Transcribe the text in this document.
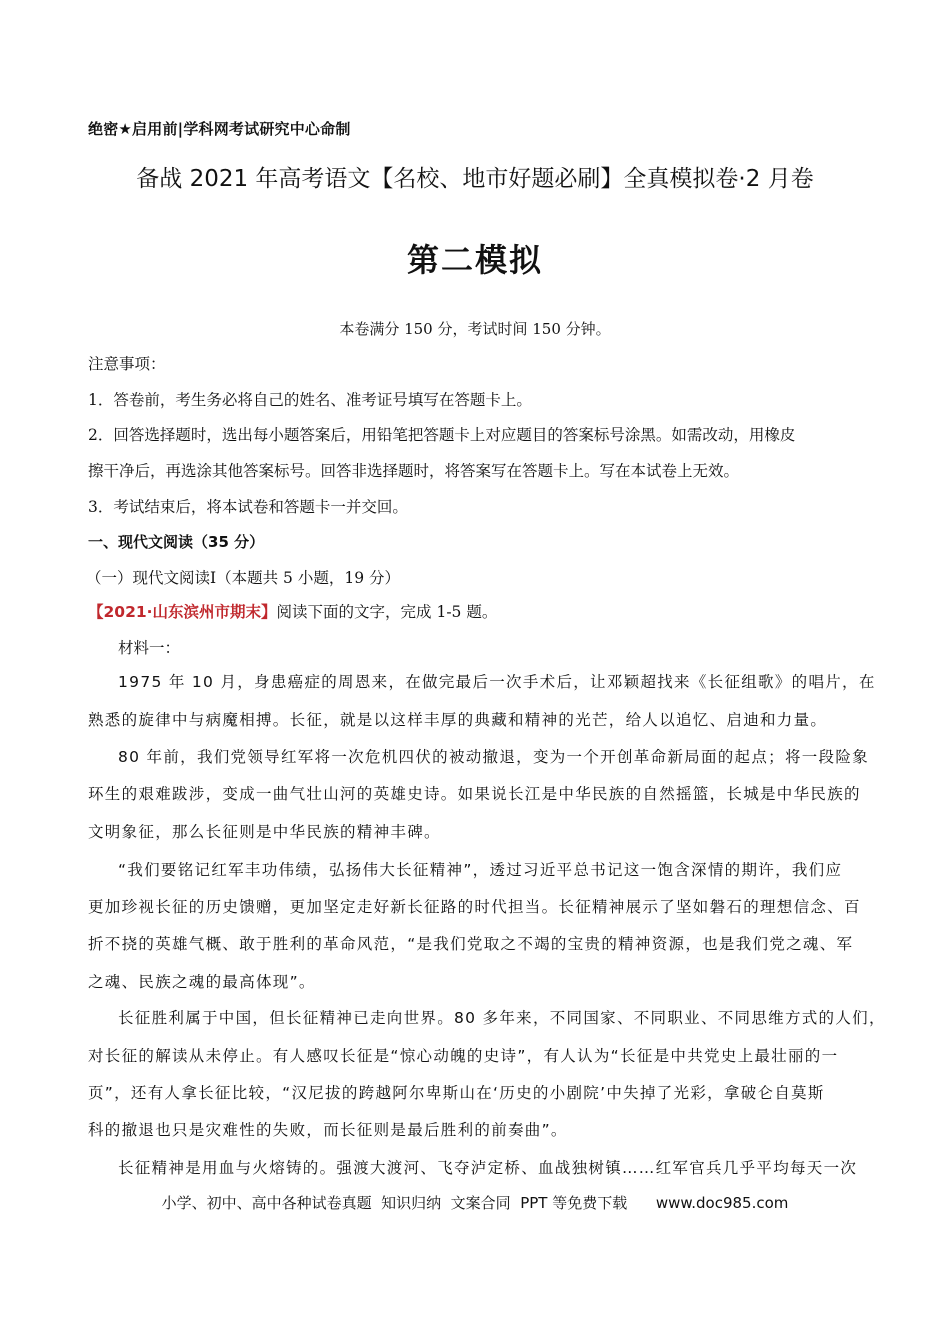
绝密★启用前|学科网考试研究中心命制
备战 2021 年高考语文【名校、地市好题必刷】全真模拟卷·2 月卷
第二模拟
本卷满分 150 分，考试时间 150 分钟。
注意事项：
1．答卷前，考生务必将自己的姓名、准考证号填写在答题卡上。
2．回答选择题时，选出每小题答案后，用铅笔把答题卡上对应题目的答案标号涂黑。如需改动，用橡皮
擦干净后，再选涂其他答案标号。回答非选择题时，将答案写在答题卡上。写在本试卷上无效。
3．考试结束后，将本试卷和答题卡一并交回。
一、现代文阅读（35 分）
（一）现代文阅读Ⅰ（本题共 5 小题，19 分）
【2021·山东滨州市期末】阅读下面的文字，完成 1-5 题。
材料一：
1975 年 10 月，身患癌症的周恩来，在做完最后一次手术后，让邓颖超找来《长征组歌》的唱片，在
熟悉的旋律中与病魔相搏。长征，就是以这样丰厚的典藏和精神的光芒，给人以追忆、启迪和力量。
80 年前，我们党领导红军将一次危机四伏的被动撤退，变为一个开创革命新局面的起点；将一段险象
环生的艰难跋涉，变成一曲气壮山河的英雄史诗。如果说长江是中华民族的自然摇篮，长城是中华民族的
文明象征，那么长征则是中华民族的精神丰碑。
“我们要铭记红军丰功伟绩，弘扬伟大长征精神”，透过习近平总书记这一饱含深情的期许，我们应
更加珍视长征的历史馈赠，更加坚定走好新长征路的时代担当。长征精神展示了坚如磐石的理想信念、百
折不挠的英雄气概、敢于胜利的革命风范，“是我们党取之不竭的宝贵的精神资源，也是我们党之魂、军
之魂、民族之魂的最高体现”。
长征胜利属于中国，但长征精神已走向世界。80 多年来，不同国家、不同职业、不同思维方式的人们，
对长征的解读从未停止。有人感叹长征是“惊心动魄的史诗”，有人认为“长征是中共党史上最壮丽的一
页”，还有人拿长征比较，“汉尼拔的跨越阿尔卑斯山在‘历史的小剧院’中失掉了光彩，拿破仑自莫斯
科的撤退也只是灾难性的失败，而长征则是最后胜利的前奏曲”。
长征精神是用血与火熔铸的。强渡大渡河、飞夺泸定桥、血战独树镇……红军官兵几乎平均每天一次
小学、初中、高中各种试卷真题  知识归纳  文案合同  PPT 等免费下载      www.doc985.com
